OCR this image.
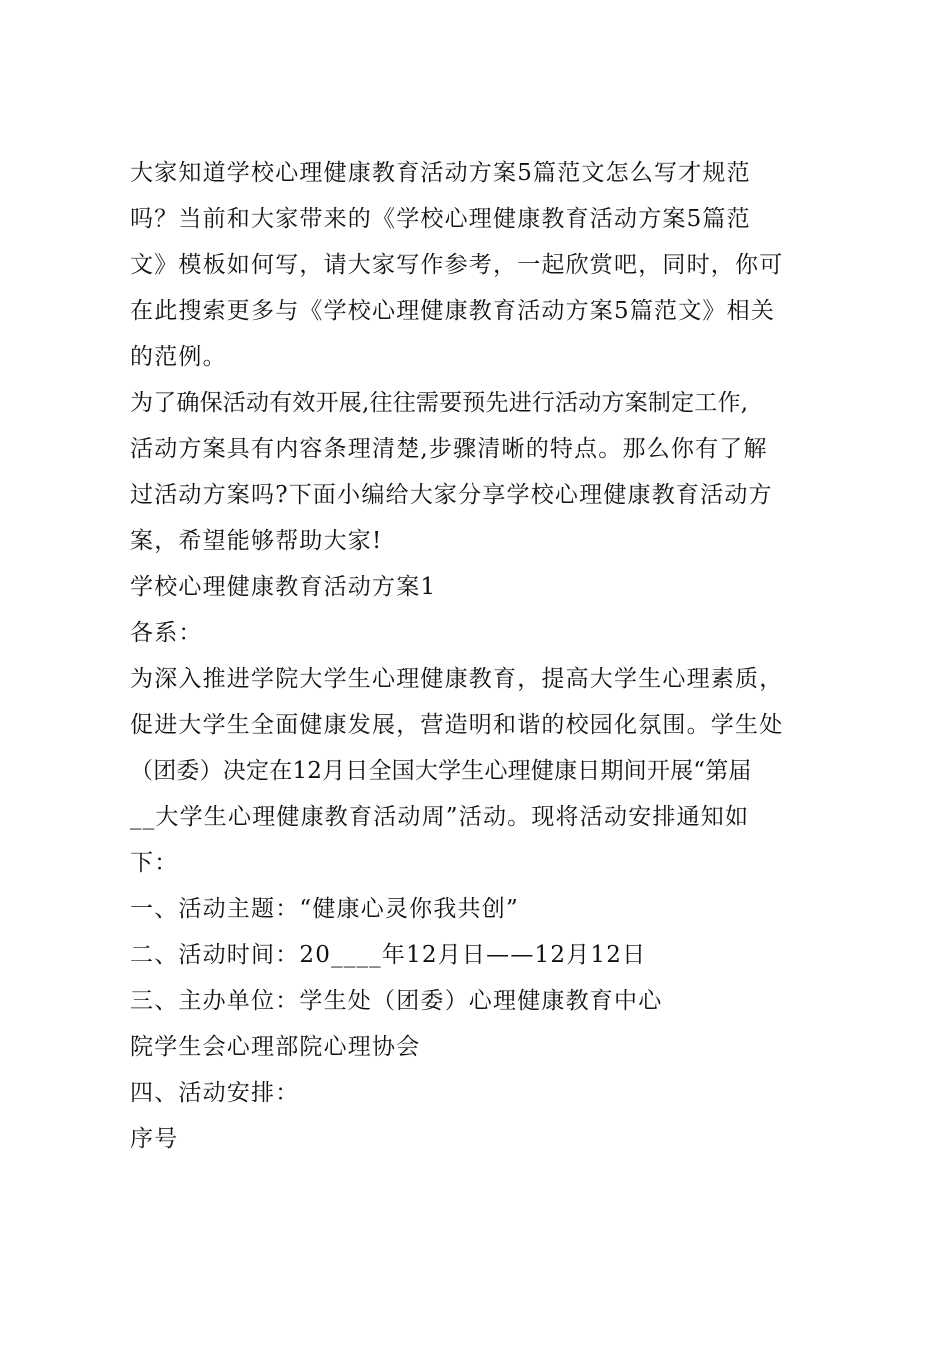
大家知道学校心理健康教育活动方案5篇范文怎么写才规范
吗？当前和大家带来的《学校心理健康教育活动方案5篇范
文》模板如何写，请大家写作参考，一起欣赏吧，同时，你可
在此搜索更多与《学校心理健康教育活动方案5篇范文》相关
的范例。
为了确保活动有效开展,往往需要预先进行活动方案制定工作,
活动方案具有内容条理清楚,步骤清晰的特点。那么你有了解
过活动方案吗?下面小编给大家分享学校心理健康教育活动方
案，希望能够帮助大家!
学校心理健康教育活动方案1
各系：
为深入推进学院大学生心理健康教育，提高大学生心理素质，
促进大学生全面健康发展，营造明和谐的校园化氛围。学生处
（团委）决定在12月日全国大学生心理健康日期间开展“第届
__大学生心理健康教育活动周”活动。现将活动安排通知如
下：
一、活动主题：“健康心灵你我共创”
二、活动时间：20____年12月日——12月12日
三、主办单位：学生处（团委）心理健康教育中心
院学生会心理部院心理协会
四、活动安排：
序号
